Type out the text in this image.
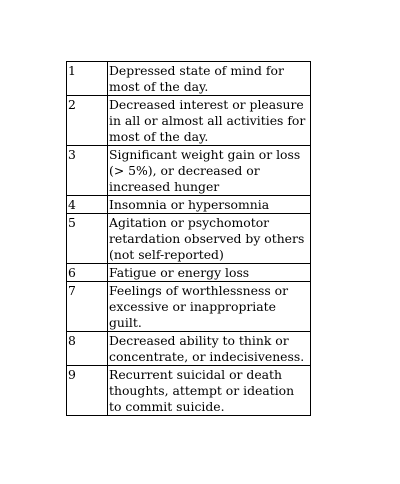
1	Depressed state of mind for most of the day.
2	Decreased interest or pleasure in all or almost all activities for most of the day.
3	Significant weight gain or loss (> 5%), or decreased or increased hunger
4	Insomnia or hypersomnia
5	Agitation or psychomotor retardation observed by others (not self-reported)
6	Fatigue or energy loss
7	Feelings of worthlessness or excessive or inappropriate guilt.
8	Decreased ability to think or concentrate, or indecisiveness.
9	Recurrent suicidal or death thoughts, attempt or ideation to commit suicide.
